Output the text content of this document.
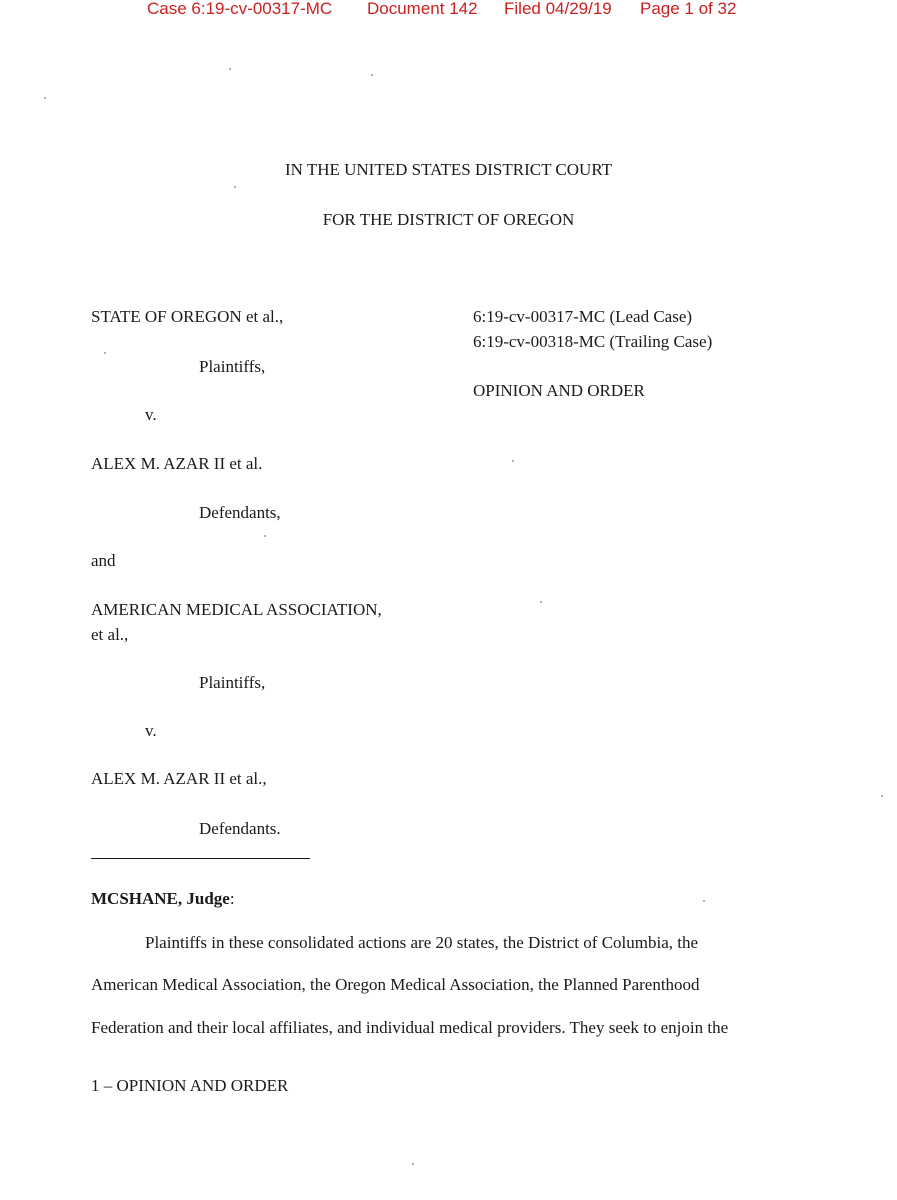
Case 6:19-cv-00317-MC Document 142 Filed 04/29/19 Page 1 of 32
IN THE UNITED STATES DISTRICT COURT
FOR THE DISTRICT OF OREGON
STATE OF OREGON et al.,
Plaintiffs,
v.
ALEX M. AZAR II et al.
Defendants,
and
AMERICAN MEDICAL ASSOCIATION,
et al.,
Plaintiffs,
v.
ALEX M. AZAR II et al.,
Defendants.
6:19-cv-00317-MC (Lead Case)
6:19-cv-00318-MC (Trailing Case)
OPINION AND ORDER
MCSHANE, Judge:
Plaintiffs in these consolidated actions are 20 states, the District of Columbia, the
American Medical Association, the Oregon Medical Association, the Planned Parenthood
Federation and their local affiliates, and individual medical providers. They seek to enjoin the
1 – OPINION AND ORDER
